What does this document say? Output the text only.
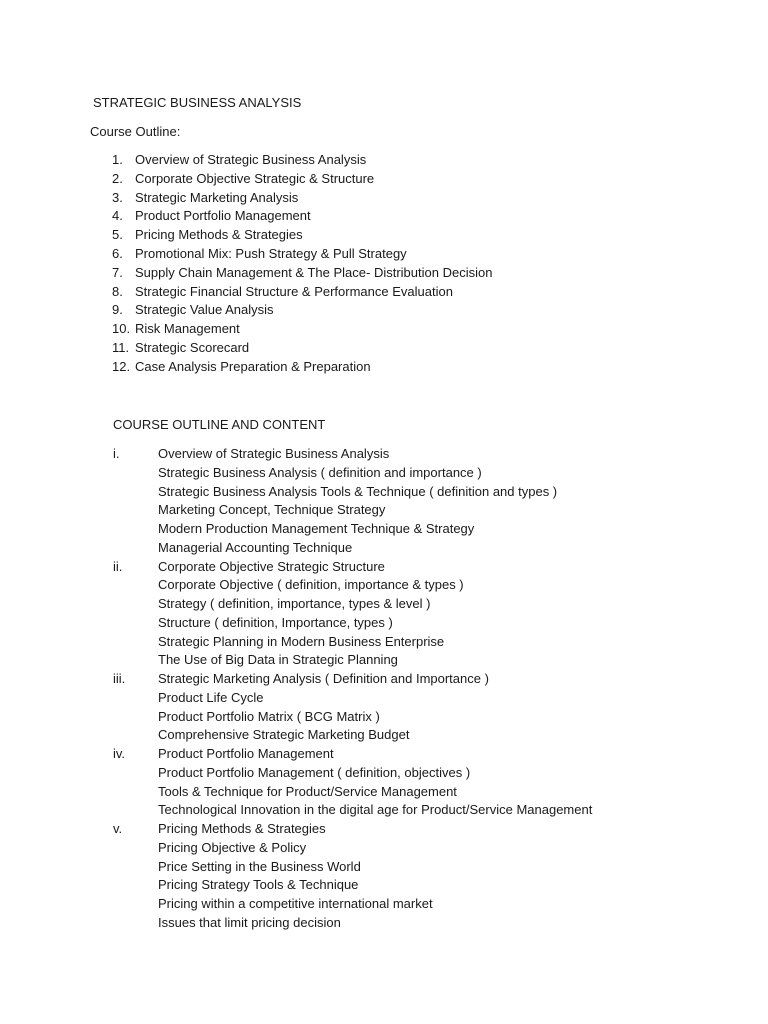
STRATEGIC BUSINESS ANALYSIS
Course Outline:
1. Overview of Strategic Business Analysis
2. Corporate Objective Strategic & Structure
3. Strategic Marketing Analysis
4. Product Portfolio Management
5. Pricing Methods & Strategies
6. Promotional Mix: Push Strategy & Pull Strategy
7. Supply Chain Management & The Place- Distribution Decision
8. Strategic Financial Structure & Performance Evaluation
9. Strategic Value Analysis
10. Risk Management
11. Strategic Scorecard
12. Case Analysis Preparation & Preparation
COURSE OUTLINE AND CONTENT
i.	Overview of Strategic Business Analysis
Strategic Business Analysis ( definition and importance )
Strategic Business Analysis Tools & Technique ( definition and types )
Marketing Concept, Technique Strategy
Modern Production Management Technique & Strategy
Managerial Accounting Technique
ii.	Corporate Objective Strategic Structure
Corporate Objective ( definition, importance & types )
Strategy ( definition, importance, types & level )
Structure ( definition, Importance, types )
Strategic Planning in Modern Business Enterprise
The Use of Big Data in Strategic Planning
iii.	Strategic Marketing Analysis ( Definition and Importance )
Product Life Cycle
Product Portfolio Matrix ( BCG Matrix )
Comprehensive Strategic Marketing Budget
iv.	Product Portfolio Management
Product Portfolio Management ( definition, objectives )
Tools & Technique for Product/Service Management
Technological Innovation in the digital age for Product/Service Management
v.	Pricing Methods & Strategies
Pricing Objective & Policy
Price Setting in the Business World
Pricing Strategy Tools & Technique
Pricing within a competitive international market
Issues that limit pricing decision
